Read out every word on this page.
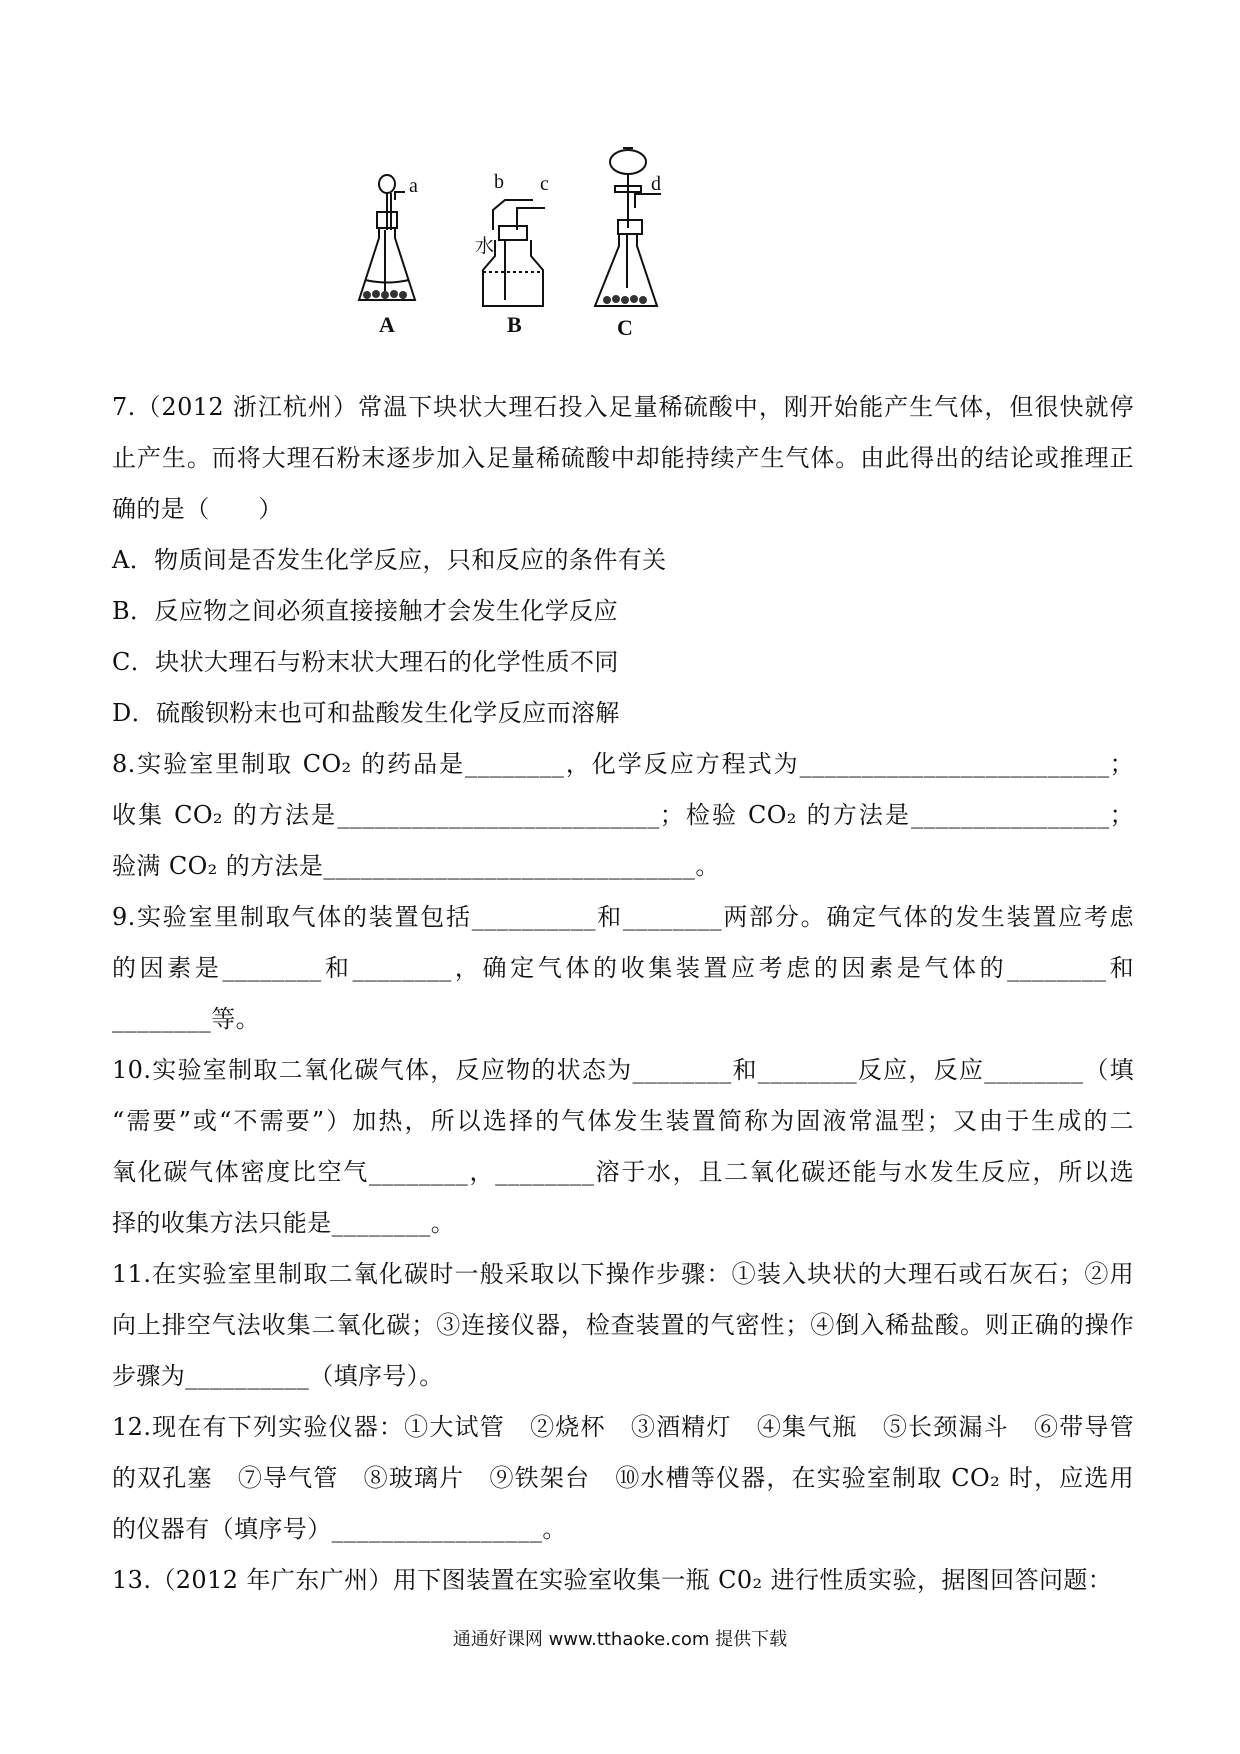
a	b c	d
水
A	B	C
7.（2012 浙江杭州）常温下块状大理石投入足量稀硫酸中，刚开始能产生气体，但很快就停
止产生。而将大理石粉末逐步加入足量稀硫酸中却能持续产生气体。由此得出的结论或推理正
确的是（　　）
A．物质间是否发生化学反应，只和反应的条件有关
B．反应物之间必须直接接触才会发生化学反应
C．块状大理石与粉末状大理石的化学性质不同
D．硫酸钡粉末也可和盐酸发生化学反应而溶解
8.实验室里制取 CO₂ 的药品是________，化学反应方程式为_________________________；
收集 CO₂ 的方法是__________________________；检验 CO₂ 的方法是________________；
验满 CO₂ 的方法是______________________________。
9.实验室里制取气体的装置包括__________和________两部分。确定气体的发生装置应考虑
的因素是________和________，确定气体的收集装置应考虑的因素是气体的________和
________等。
10.实验室制取二氧化碳气体，反应物的状态为________和________反应，反应________（填
“需要”或“不需要”）加热，所以选择的气体发生装置简称为固液常温型；又由于生成的二
氧化碳气体密度比空气________，________溶于水，且二氧化碳还能与水发生反应，所以选
择的收集方法只能是________。
11.在实验室里制取二氧化碳时一般采取以下操作步骤：①装入块状的大理石或石灰石；②用
向上排空气法收集二氧化碳；③连接仪器，检查装置的气密性；④倒入稀盐酸。则正确的操作
步骤为__________（填序号）。
12.现在有下列实验仪器：①大试管　②烧杯　③酒精灯　④集气瓶　⑤长颈漏斗　⑥带导管
的双孔塞　⑦导气管　⑧玻璃片　⑨铁架台　⑩水槽等仪器，在实验室制取 CO₂ 时，应选用
的仪器有（填序号）_________________。
13.（2012 年广东广州）用下图装置在实验室收集一瓶 C0₂ 进行性质实验，据图回答问题：
通通好课网 www.tthaoke.com 提供下载
